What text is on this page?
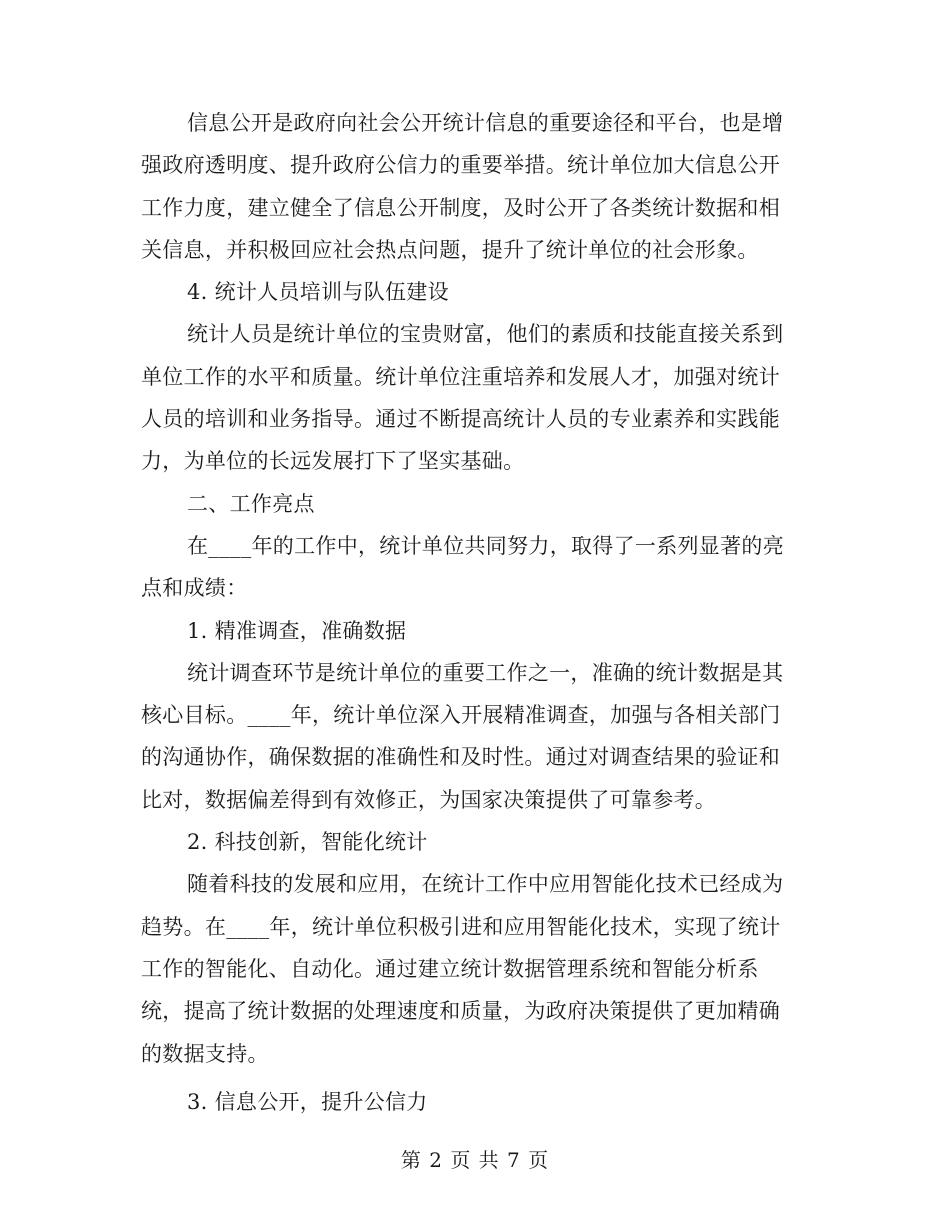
信息公开是政府向社会公开统计信息的重要途径和平台，也是增
强政府透明度、提升政府公信力的重要举措。统计单位加大信息公开
工作力度，建立健全了信息公开制度，及时公开了各类统计数据和相
关信息，并积极回应社会热点问题，提升了统计单位的社会形象。
4. 统计人员培训与队伍建设
统计人员是统计单位的宝贵财富，他们的素质和技能直接关系到
单位工作的水平和质量。统计单位注重培养和发展人才，加强对统计
人员的培训和业务指导。通过不断提高统计人员的专业素养和实践能
力，为单位的长远发展打下了坚实基础。
二、工作亮点
在____年的工作中，统计单位共同努力，取得了一系列显著的亮
点和成绩：
1. 精准调查，准确数据
统计调查环节是统计单位的重要工作之一，准确的统计数据是其
核心目标。____年，统计单位深入开展精准调查，加强与各相关部门
的沟通协作，确保数据的准确性和及时性。通过对调查结果的验证和
比对，数据偏差得到有效修正，为国家决策提供了可靠参考。
2. 科技创新，智能化统计
随着科技的发展和应用，在统计工作中应用智能化技术已经成为
趋势。在____年，统计单位积极引进和应用智能化技术，实现了统计
工作的智能化、自动化。通过建立统计数据管理系统和智能分析系
统，提高了统计数据的处理速度和质量，为政府决策提供了更加精确
的数据支持。
3. 信息公开，提升公信力
第 2 页 共 7 页
